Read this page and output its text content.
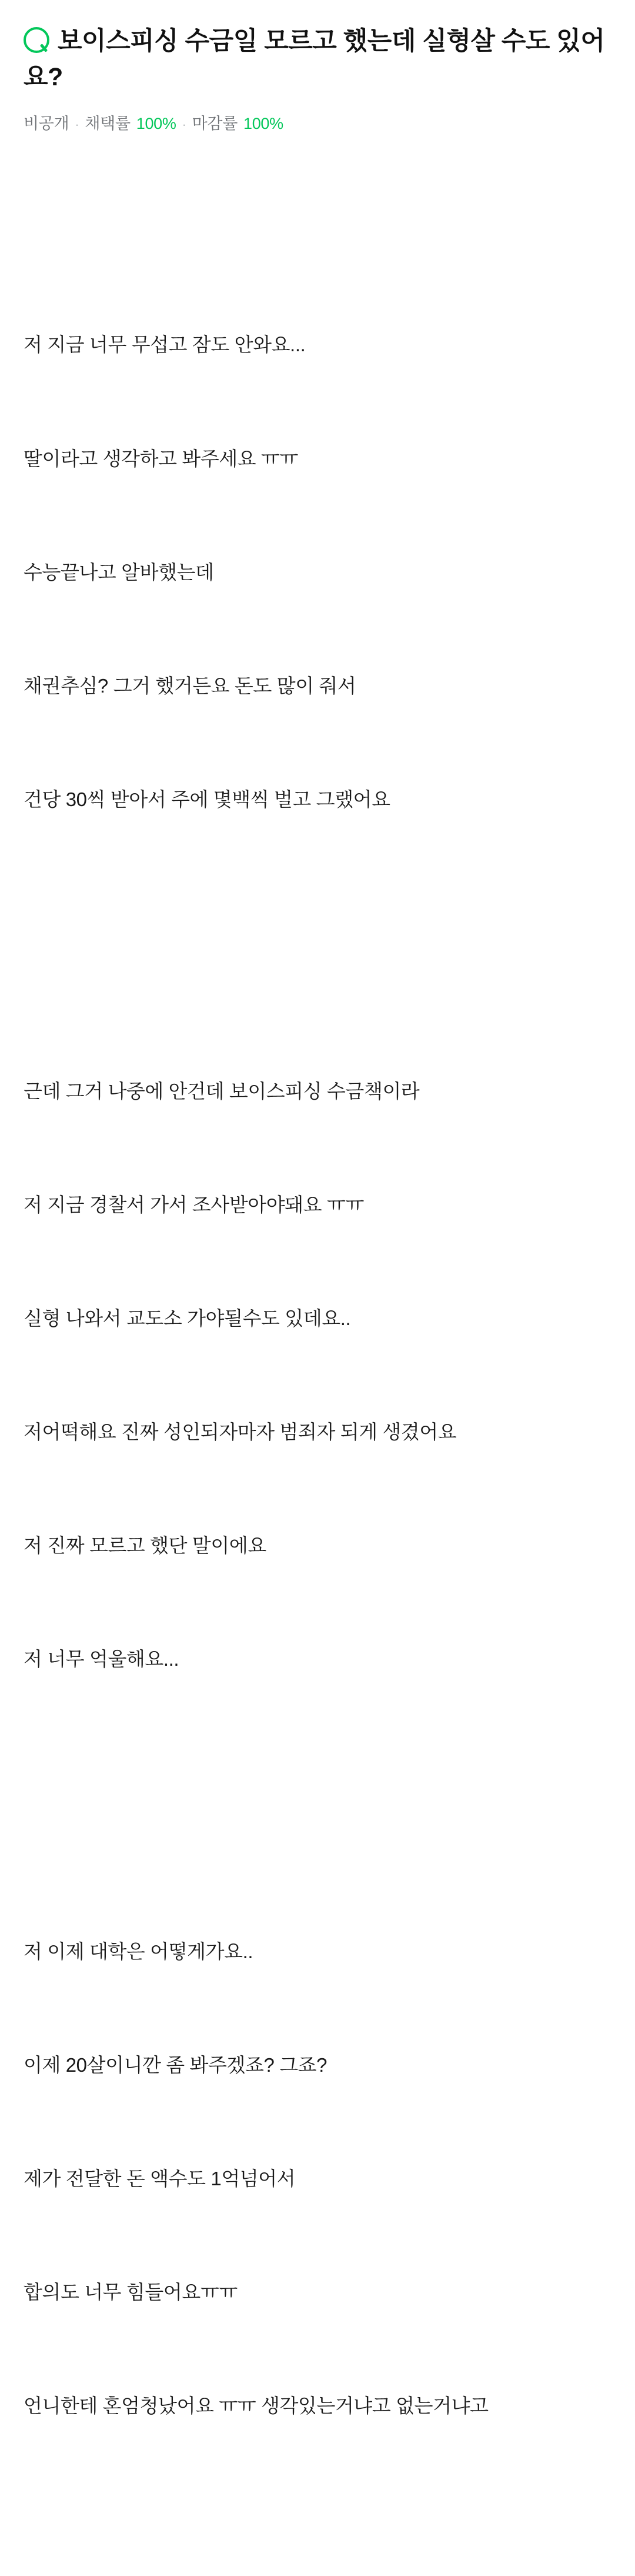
보이스피싱 수금일 모르고 했는데 실형살 수도 있어요?
비공개 · 채택률 100% · 마감률 100%

저 지금 너무 무섭고 잠도 안와요...

딸이라고 생각하고 봐주세요 ㅠㅠ

수능끝나고 알바했는데

채권추심? 그거 했거든요 돈도 많이 줘서

건당 30씩 받아서 주에 몇백씩 벌고 그랬어요

근데 그거 나중에 안건데 보이스피싱 수금책이라

저 지금 경찰서 가서 조사받아야돼요 ㅠㅠ

실형 나와서 교도소 가야될수도 있데요..

저어떡해요 진짜 성인되자마자 범죄자 되게 생겼어요

저 진짜 모르고 했단 말이에요

저 너무 억울해요...

저 이제 대학은 어떻게가요..

이제 20살이니깐 좀 봐주겠죠? 그죠?

제가 전달한 돈 액수도 1억넘어서

합의도 너무 힘들어요ㅠㅠ

언니한테 혼엄청났어요 ㅠㅠ 생각있는거냐고 없는거냐고
